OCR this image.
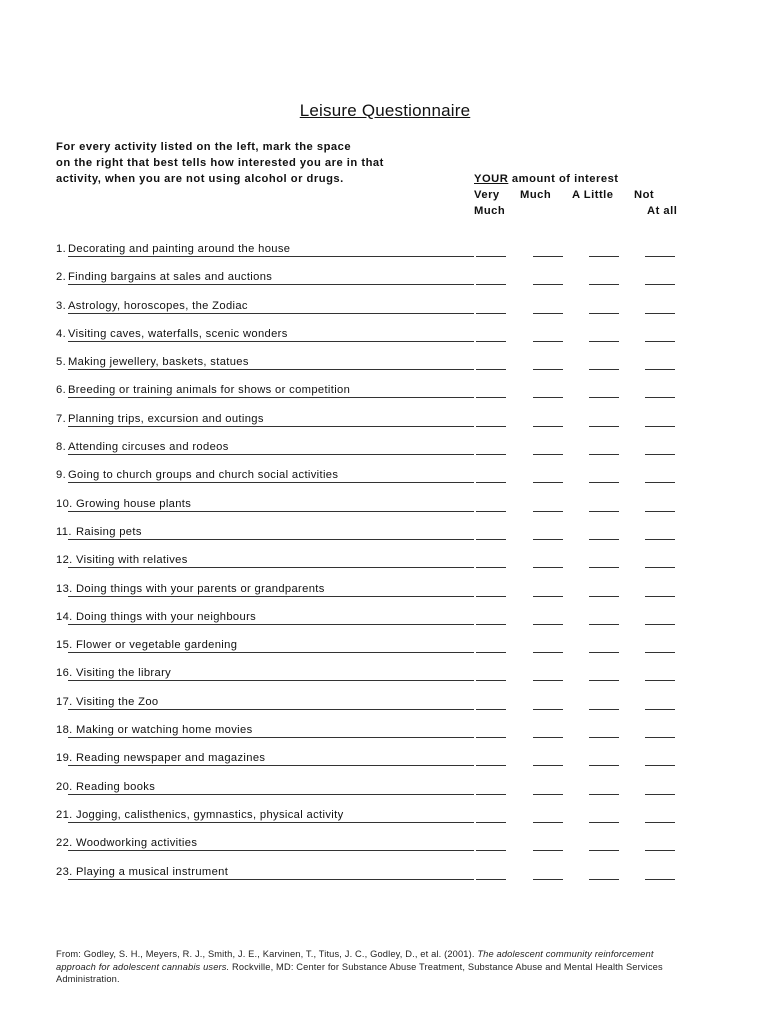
Leisure Questionnaire
For every activity listed on the left, mark the space
on the right that best tells how interested you are in that
activity, when you are not using alcohol or drugs.	YOUR amount of interest
Very
Much
Much A Little Not
At all
1. Decorating and painting around the house
2. Finding bargains at sales and auctions
3. Astrology, horoscopes, the Zodiac
4. Visiting caves, waterfalls, scenic wonders
5. Making jewellery, baskets, statues
6. Breeding or training animals for shows or competition
7. Planning trips, excursion and outings
8. Attending circuses and rodeos
9. Going to church groups and church social activities
10. Growing house plants
11. Raising pets
12. Visiting with relatives
13. Doing things with your parents or grandparents
14. Doing things with your neighbours
15. Flower or vegetable gardening
16. Visiting the library
17. Visiting the Zoo
18. Making or watching home movies
19. Reading newspaper and magazines
20. Reading books
21. Jogging, calisthenics, gymnastics, physical activity
22. Woodworking activities
23. Playing a musical instrument
From: Godley, S. H., Meyers, R. J., Smith, J. E., Karvinen, T., Titus, J. C., Godley, D., et al. (2001). The adolescent community reinforcement approach for adolescent cannabis users. Rockville, MD: Center for Substance Abuse Treatment, Substance Abuse and Mental Health Services Administration.
